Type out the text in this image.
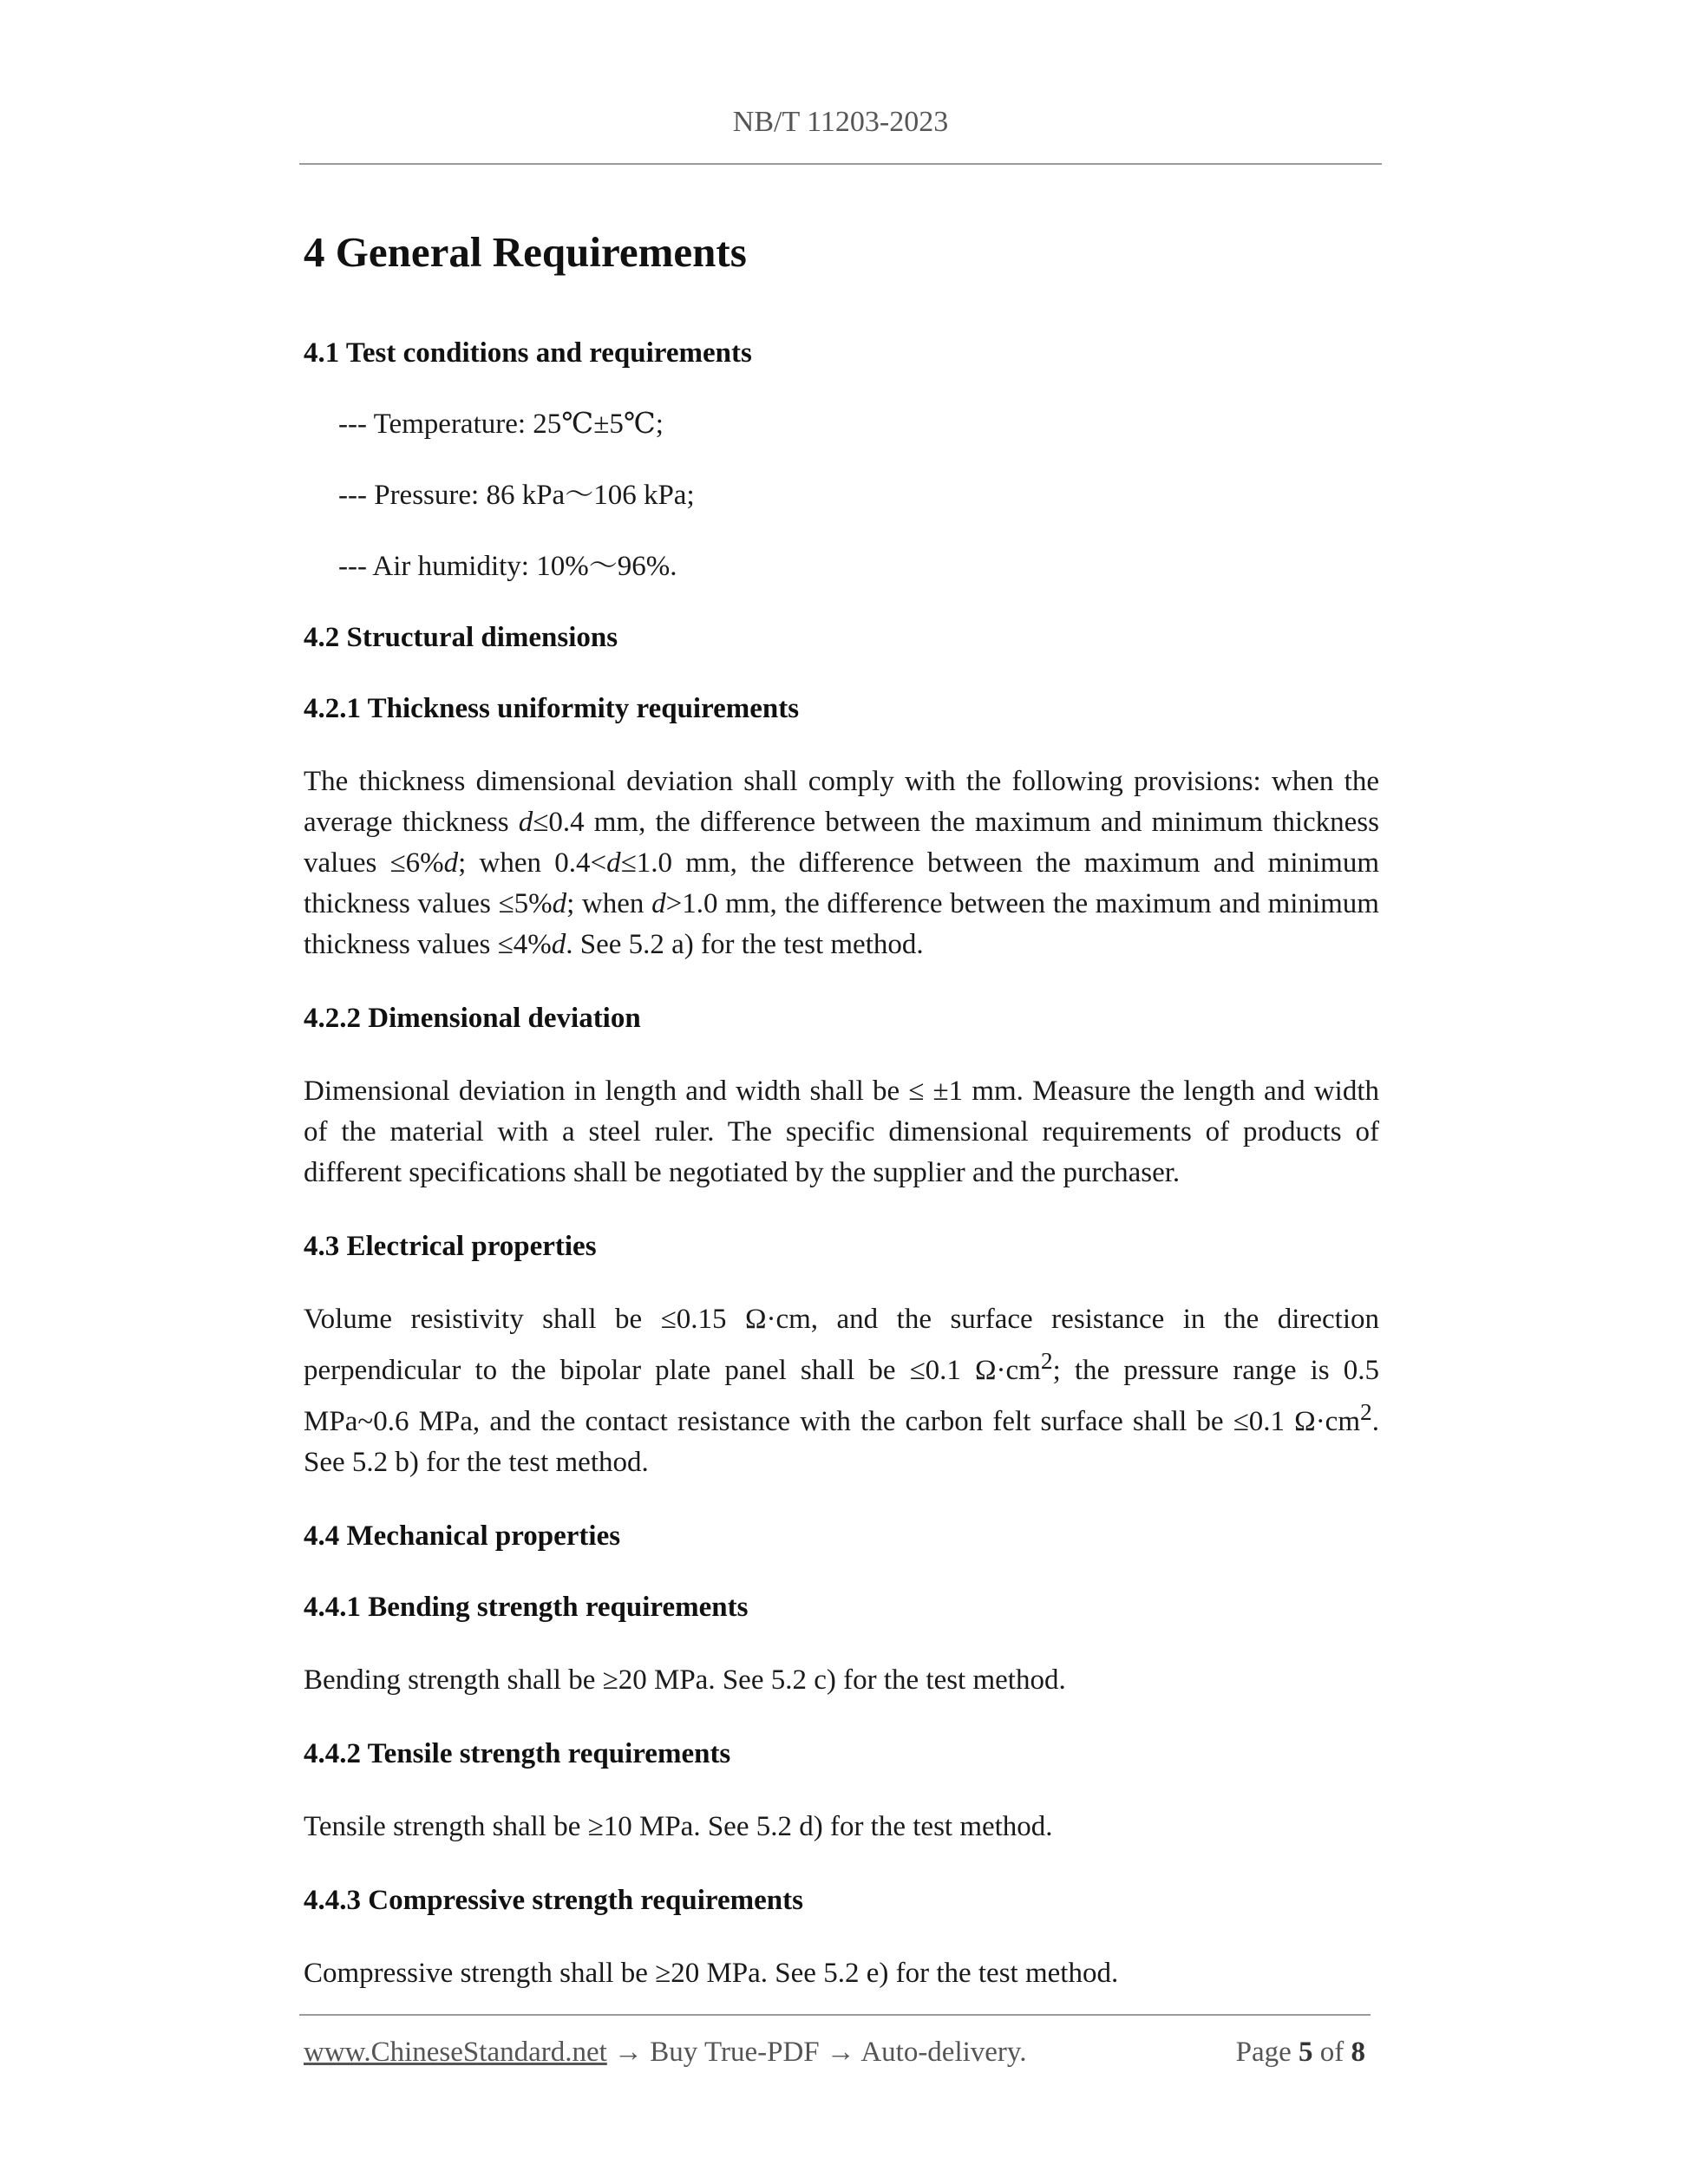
NB/T 11203-2023
4 General Requirements
4.1 Test conditions and requirements
--- Temperature: 25℃±5℃;
--- Pressure: 86 kPa～106 kPa;
--- Air humidity: 10%～96%.
4.2 Structural dimensions
4.2.1 Thickness uniformity requirements

The thickness dimensional deviation shall comply with the following provisions: when the average thickness d≤0.4 mm, the difference between the maximum and minimum thickness values ≤6%d; when 0.4<d≤1.0 mm, the difference between the maximum and minimum thickness values ≤5%d; when d>1.0 mm, the difference between the maximum and minimum thickness values ≤4%d. See 5.2 a) for the test method.

4.2.2 Dimensional deviation

Dimensional deviation in length and width shall be ≤ ±1 mm. Measure the length and width of the material with a steel ruler. The specific dimensional requirements of products of different specifications shall be negotiated by the supplier and the purchaser.

4.3 Electrical properties

Volume resistivity shall be ≤0.15 Ω·cm, and the surface resistance in the direction perpendicular to the bipolar plate panel shall be ≤0.1 $\Omega\cdot cm^2$; the pressure range is 0.5 MPa~0.6 MPa, and the contact resistance with the carbon felt surface shall be ≤0.1 $\Omega\cdot cm^2$. See 5.2 b) for the test method.

4.4 Mechanical properties
4.4.1 Bending strength requirements

Bending strength shall be ≥20 MPa. See 5.2 c) for the test method.

4.4.2 Tensile strength requirements

Tensile strength shall be ≥10 MPa. See 5.2 d) for the test method.

4.4.3 Compressive strength requirements

Compressive strength shall be ≥20 MPa. See 5.2 e) for the test method.

www.ChineseStandard.net → Buy True-PDF → Auto-delivery.	Page 5 of 8
